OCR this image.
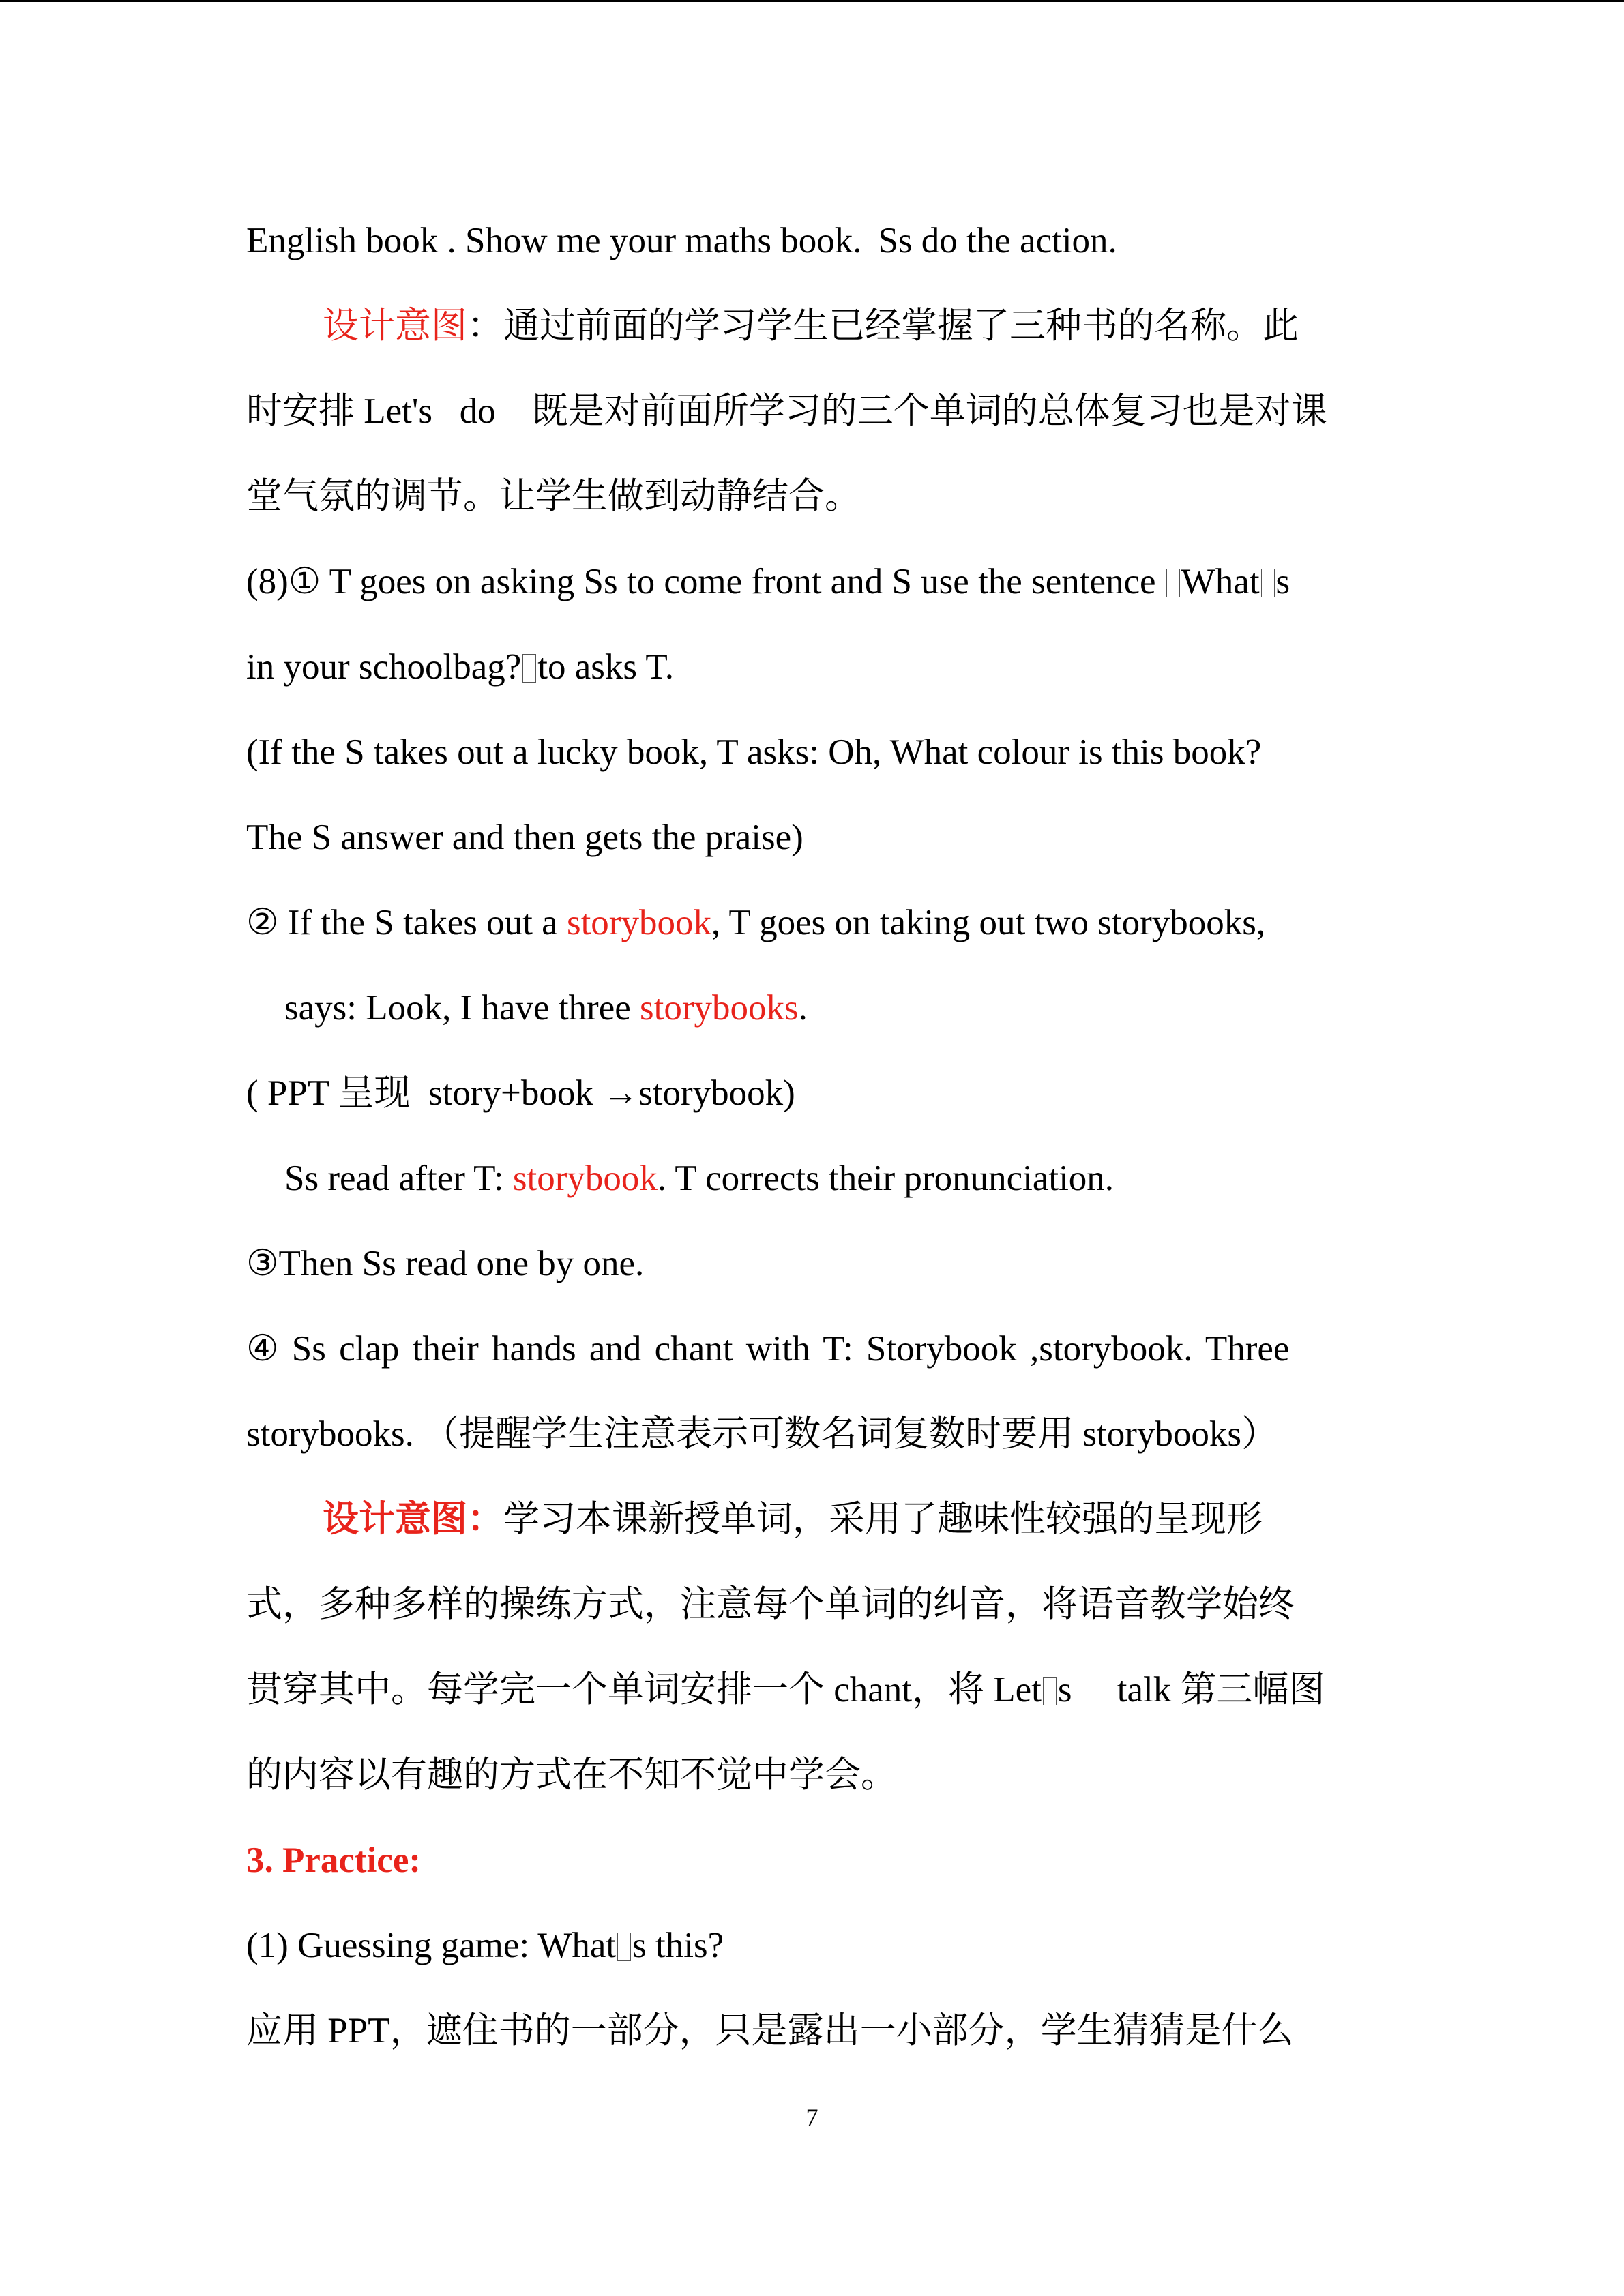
English book . Show me your maths book. Ss do the action.
设计意图：通过前面的学习学生已经掌握了三种书的名称。此
时安排 Let's   do    既是对前面所学习的三个单词的总体复习也是对课
堂气氛的调节。让学生做到动静结合。
(8)① T goes on asking Ss to come front and S use the sentence What s
in your schoolbag? to asks T.
(If the S takes out a lucky book, T asks: Oh, What colour is this book?
The S answer and then gets the praise)
② If the S takes out a storybook, T goes on taking out two storybooks,
says: Look, I have three storybooks.
( PPT 呈现  story+book →storybook)
Ss read after T: storybook. T corrects their pronunciation.
③Then Ss read one by one.
④ Ss clap their hands and chant with T: Storybook ,storybook. Three
storybooks. （提醒学生注意表示可数名词复数时要用 storybooks）
设计意图：学习本课新授单词，采用了趣味性较强的呈现形
式，多种多样的操练方式，注意每个单词的纠音，将语音教学始终
贯穿其中。每学完一个单词安排一个 chant，将 Let s     talk 第三幅图
的内容以有趣的方式在不知不觉中学会。
3. Practice:
(1) Guessing game: What s this?
应用 PPT，遮住书的一部分，只是露出一小部分，学生猜猜是什么
7
